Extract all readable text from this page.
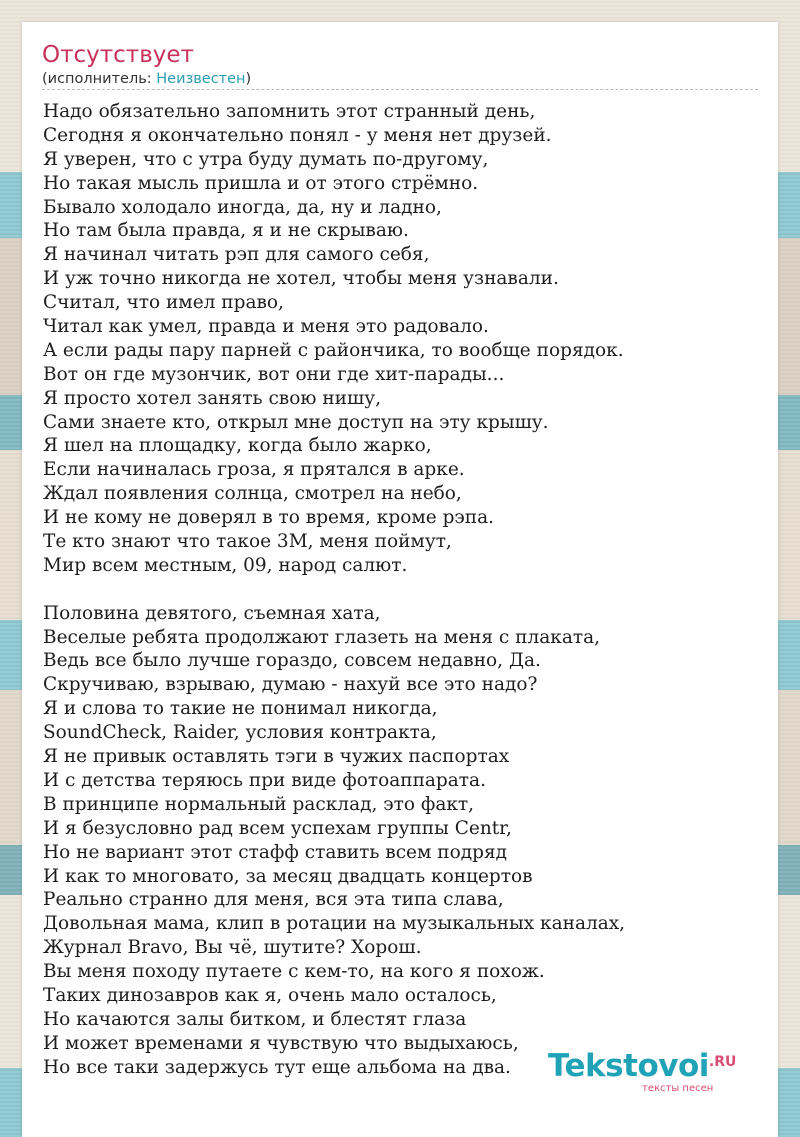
Отсутствует
(исполнитель: Неизвестен)
Надо обязательно запомнить этот странный день,
Сегодня я окончательно понял - у меня нет друзей.
Я уверен, что с утра буду думать по-другому,
Но такая мысль пришла и от этого стрёмно.
Бывало холодало иногда, да, ну и ладно,
Но там была правда, я и не скрываю.
Я начинал читать рэп для самого себя,
И уж точно никогда не хотел, чтобы меня узнавали.
Считал, что имел право,
Читал как умел, правда и меня это радовало.
А если рады пару парней с райончика, то вообще порядок.
Вот он где музончик, вот они где хит-парады...
Я просто хотел занять свою нишу,
Сами знаете кто, открыл мне доступ на эту крышу.
Я шел на площадку, когда было жарко,
Если начиналась гроза, я прятался в арке.
Ждал появления солнца, смотрел на небо,
И не кому не доверял в то время, кроме рэпа.
Те кто знают что такое 3М, меня поймут,
Мир всем местным, 09, народ салют.
Половина девятого, съемная хата,
Веселые ребята продолжают глазеть на меня с плаката,
Ведь все было лучше гораздо, совсем недавно, Да.
Скручиваю, взрываю, думаю - нахуй все это надо?
Я и слова то такие не понимал никогда,
SoundCheck, Raider, условия контракта,
Я не привык оставлять тэги в чужих паспортах
И с детства теряюсь при виде фотоаппарата.
В принципе нормальный расклад, это факт,
И я безусловно рад всем успехам группы Centr,
Но не вариант этот стафф ставить всем подряд
И как то многовато, за месяц двадцать концертов
Реально странно для меня, вся эта типа слава,
Довольная мама, клип в ротации на музыкальных каналах,
Журнал Bravo, Вы чё, шутите? Хорош.
Вы меня походу путаете с кем-то, на кого я похож.
Таких динозавров как я, очень мало осталось,
Но качаются залы битком, и блестят глаза
И может временами я чувствую что выдыхаюсь,
Но все таки задержусь тут еще альбома на два.	Tekstovoi.RU
тексты песен
